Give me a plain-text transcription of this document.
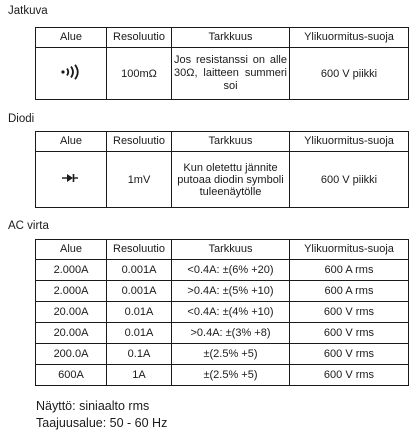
Jatkuva
Alue	Resoluutio	Tarkkuus	Ylikuormitus-suoja
	100mΩ	Jos resistanssi on alle 30Ω, laitteen summeri soi	600 V piikki
Diodi
Alue	Resoluutio	Tarkkuus	Ylikuormitus-suoja
	1mV	Kun oletettu jännite putoaa diodin symboli tuleenäytölle	600 V piikki
AC virta
Alue	Resoluutio	Tarkkuus	Ylikuormitus-suoja
2.000A	0.001A	<0.4A: ±(6% +20)	600 A rms
2.000A	0.001A	>0.4A: ±(5% +10)	600 A rms
20.00A	0.01A	<0.4A: ±(4% +10)	600 V rms
20.00A	0.01A	>0.4A: ±(3% +8)	600 V rms
200.0A	0.1A	±(2.5% +5)	600 V rms
600A	1A	±(2.5% +5)	600 V rms

Näyttö: siniaalto rms

Taajuusalue: 50 - 60 Hz
